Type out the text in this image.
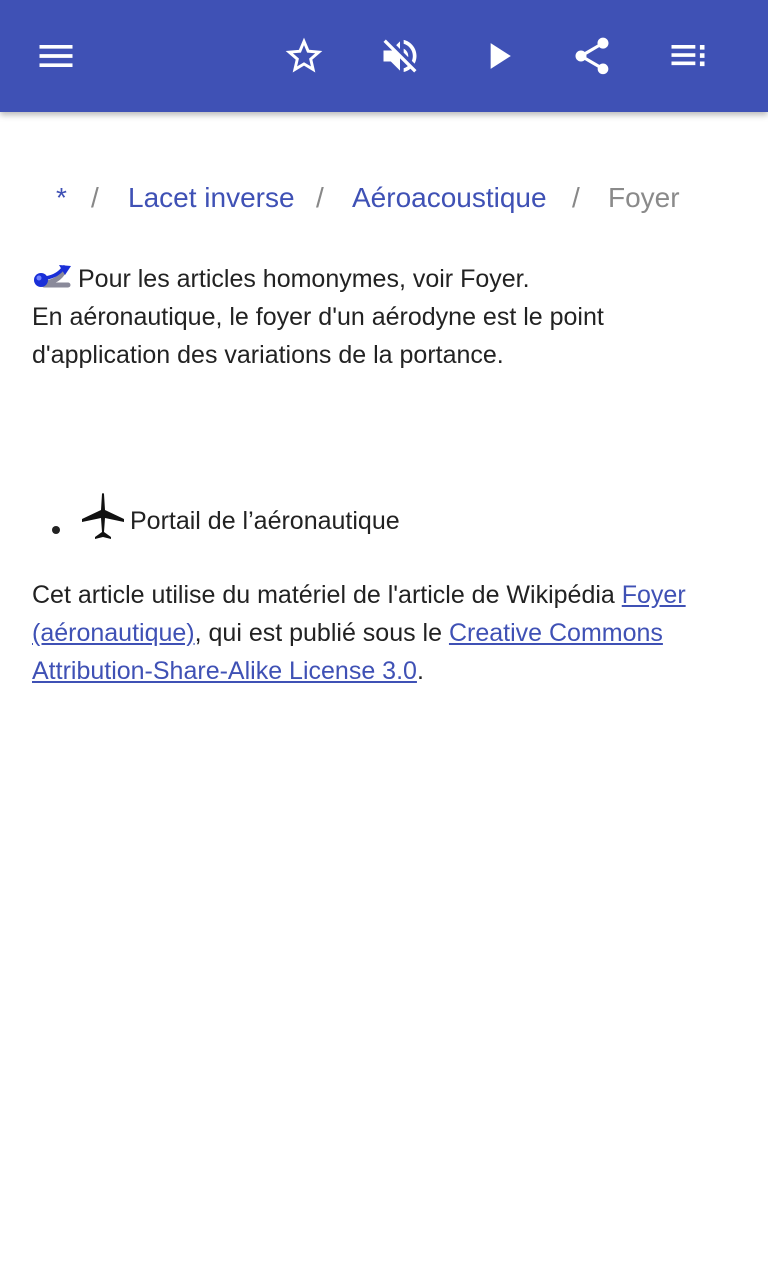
* / Lacet inverse / Aéroacoustique / Foyer

Pour les articles homonymes, voir Foyer.

En aéronautique, le foyer d'un aérodyne est le point d'application des variations de la portance.

Portail de l’aéronautique

Cet article utilise du matériel de l'article de Wikipédia Foyer (aéronautique), qui est publié sous le Creative Commons Attribution-Share-Alike License 3.0.
